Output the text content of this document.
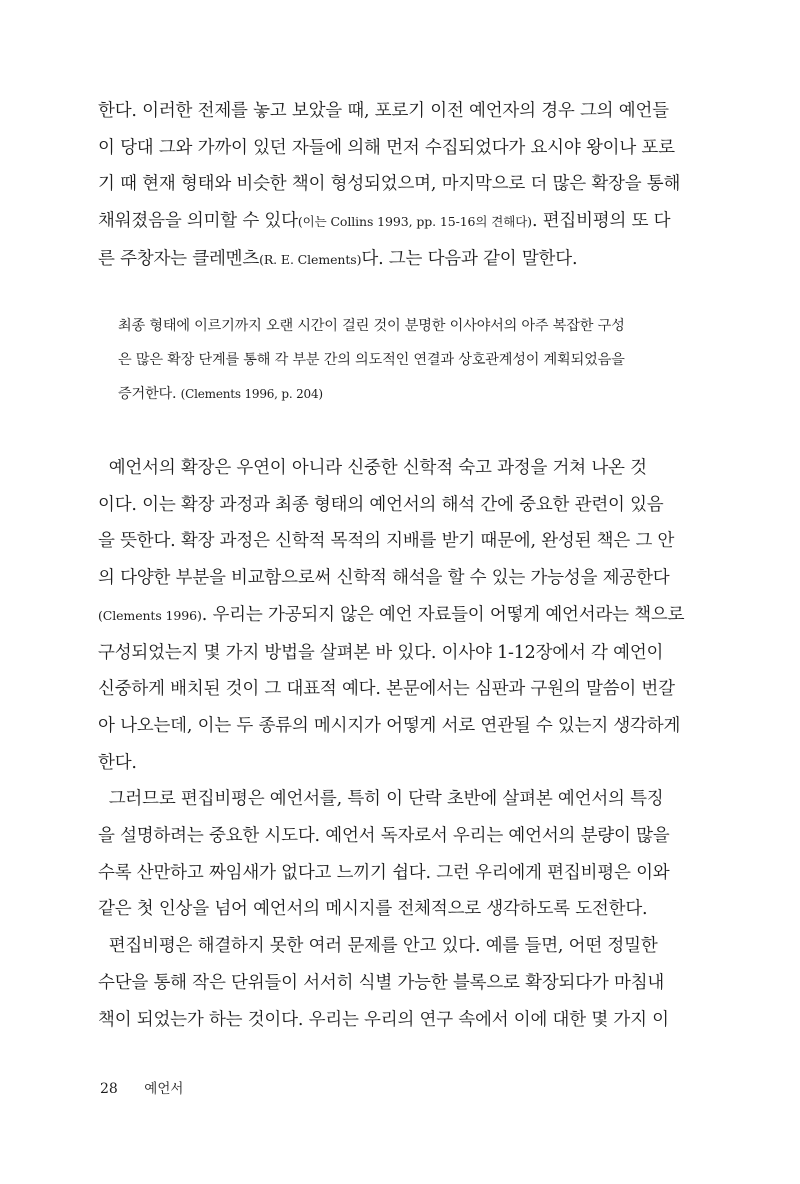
한다. 이러한 전제를 놓고 보았을 때, 포로기 이전 예언자의 경우 그의 예언들
이 당대 그와 가까이 있던 자들에 의해 먼저 수집되었다가 요시야 왕이나 포로
기 때 현재 형태와 비슷한 책이 형성되었으며, 마지막으로 더 많은 확장을 통해
채워졌음을 의미할 수 있다(이는 Collins 1993, pp. 15-16의 견해다). 편집비평의 또 다
른 주창자는 클레멘츠(R. E. Clements)다. 그는 다음과 같이 말한다.
최종 형태에 이르기까지 오랜 시간이 걸린 것이 분명한 이사야서의 아주 복잡한 구성
은 많은 확장 단계를 통해 각 부분 간의 의도적인 연결과 상호관계성이 계획되었음을
증거한다. (Clements 1996, p. 204)
예언서의 확장은 우연이 아니라 신중한 신학적 숙고 과정을 거쳐 나온 것
이다. 이는 확장 과정과 최종 형태의 예언서의 해석 간에 중요한 관련이 있음
을 뜻한다. 확장 과정은 신학적 목적의 지배를 받기 때문에, 완성된 책은 그 안
의 다양한 부분을 비교함으로써 신학적 해석을 할 수 있는 가능성을 제공한다
(Clements 1996). 우리는 가공되지 않은 예언 자료들이 어떻게 예언서라는 책으로
구성되었는지 몇 가지 방법을 살펴본 바 있다. 이사야 1-12장에서 각 예언이
신중하게 배치된 것이 그 대표적 예다. 본문에서는 심판과 구원의 말씀이 번갈
아 나오는데, 이는 두 종류의 메시지가 어떻게 서로 연관될 수 있는지 생각하게
한다.
그러므로 편집비평은 예언서를, 특히 이 단락 초반에 살펴본 예언서의 특징
을 설명하려는 중요한 시도다. 예언서 독자로서 우리는 예언서의 분량이 많을
수록 산만하고 짜임새가 없다고 느끼기 쉽다. 그런 우리에게 편집비평은 이와
같은 첫 인상을 넘어 예언서의 메시지를 전체적으로 생각하도록 도전한다.
편집비평은 해결하지 못한 여러 문제를 안고 있다. 예를 들면, 어떤 정밀한
수단을 통해 작은 단위들이 서서히 식별 가능한 블록으로 확장되다가 마침내
책이 되었는가 하는 것이다. 우리는 우리의 연구 속에서 이에 대한 몇 가지 이
28 예언서
